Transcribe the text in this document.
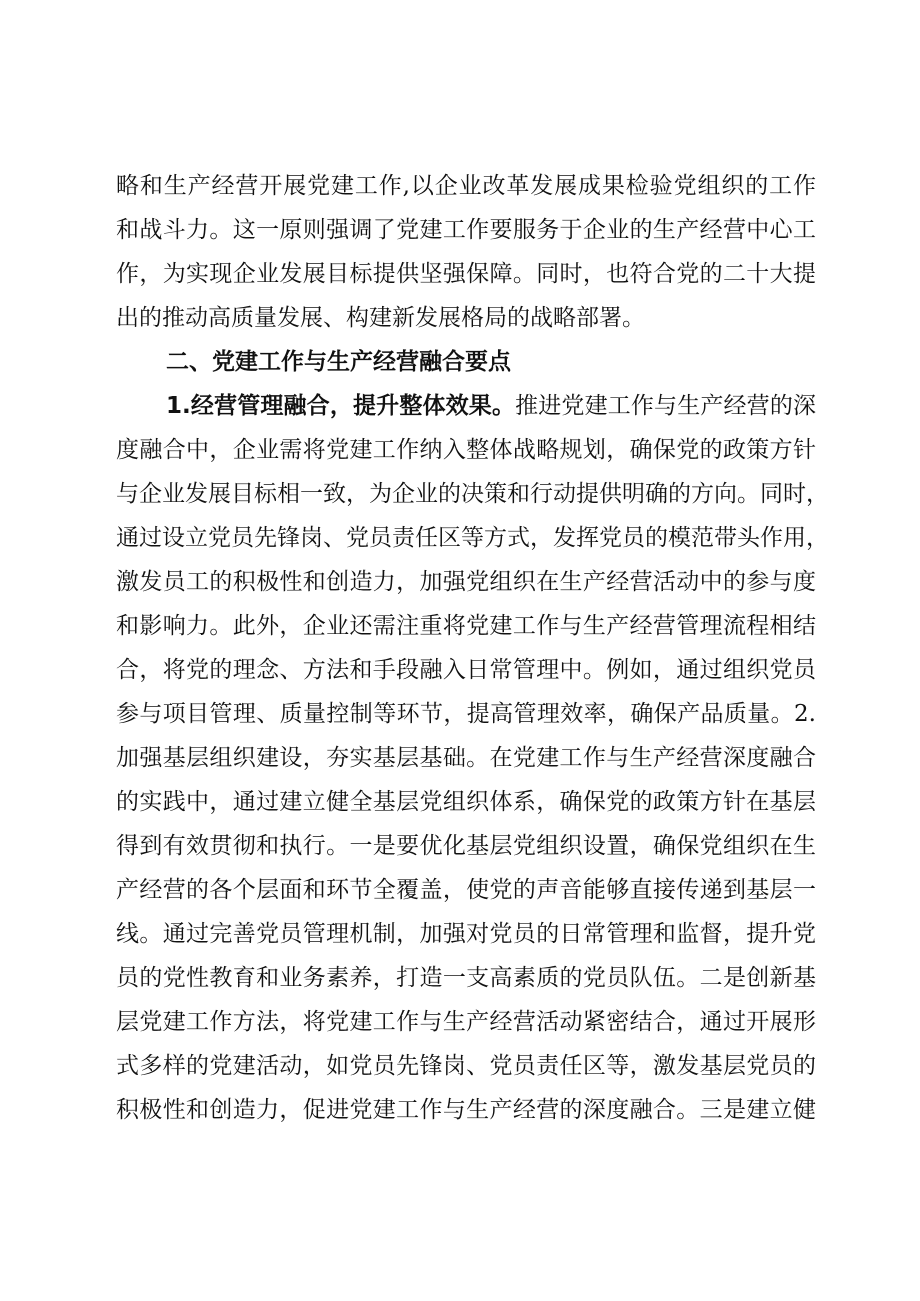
略和生产经营开展党建工作,以企业改革发展成果检验党组织的工作
和战斗力。这一原则强调了党建工作要服务于企业的生产经营中心工
作，为实现企业发展目标提供坚强保障。同时，也符合党的二十大提
出的推动高质量发展、构建新发展格局的战略部署。
二、党建工作与生产经营融合要点
1.经营管理融合，提升整体效果。推进党建工作与生产经营的深
度融合中，企业需将党建工作纳入整体战略规划，确保党的政策方针
与企业发展目标相一致，为企业的决策和行动提供明确的方向。同时，
通过设立党员先锋岗、党员责任区等方式，发挥党员的模范带头作用，
激发员工的积极性和创造力，加强党组织在生产经营活动中的参与度
和影响力。此外，企业还需注重将党建工作与生产经营管理流程相结
合，将党的理念、方法和手段融入日常管理中。例如，通过组织党员
参与项目管理、质量控制等环节，提高管理效率，确保产品质量。2.
加强基层组织建设，夯实基层基础。在党建工作与生产经营深度融合
的实践中，通过建立健全基层党组织体系，确保党的政策方针在基层
得到有效贯彻和执行。一是要优化基层党组织设置，确保党组织在生
产经营的各个层面和环节全覆盖，使党的声音能够直接传递到基层一
线。通过完善党员管理机制，加强对党员的日常管理和监督，提升党
员的党性教育和业务素养，打造一支高素质的党员队伍。二是创新基
层党建工作方法，将党建工作与生产经营活动紧密结合，通过开展形
式多样的党建活动，如党员先锋岗、党员责任区等，激发基层党员的
积极性和创造力，促进党建工作与生产经营的深度融合。三是建立健
